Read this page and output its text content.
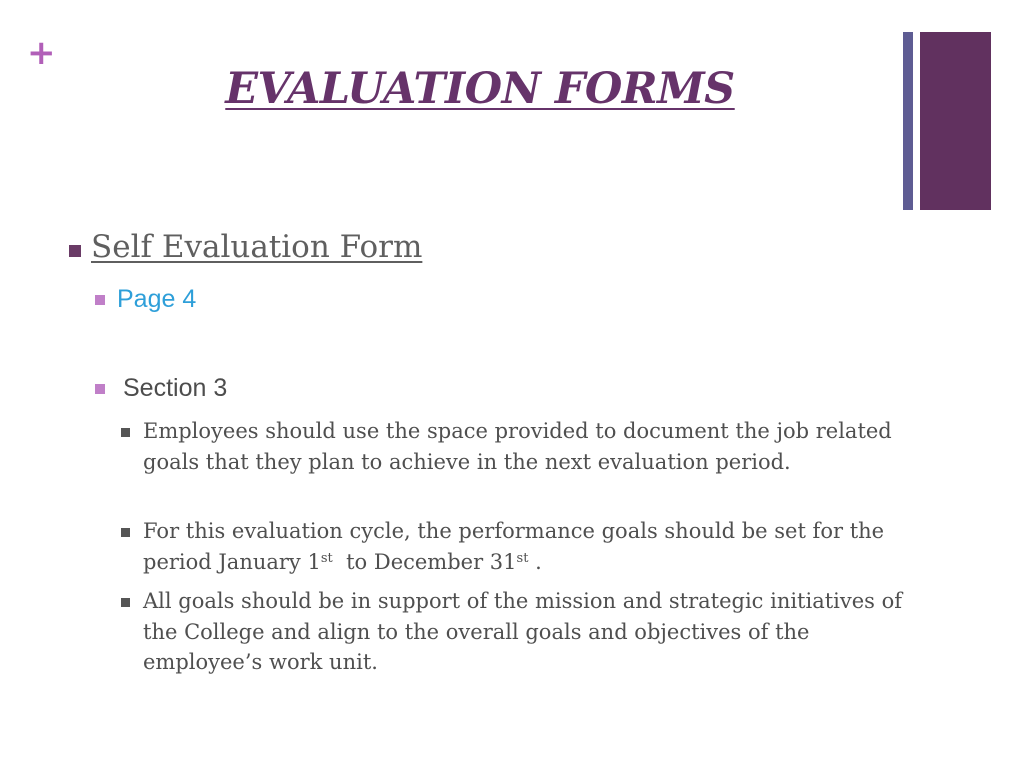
+
EVALUATION FORMS
Self Evaluation Form
Page 4
Section 3
Employees should use the space provided to document the job related goals that they plan to achieve in the next evaluation period.
For this evaluation cycle, the performance goals should be set for the period January 1st  to December 31st .
All goals should be in support of the mission and strategic initiatives of the College and align to the overall goals and objectives of the employee’s work unit.
